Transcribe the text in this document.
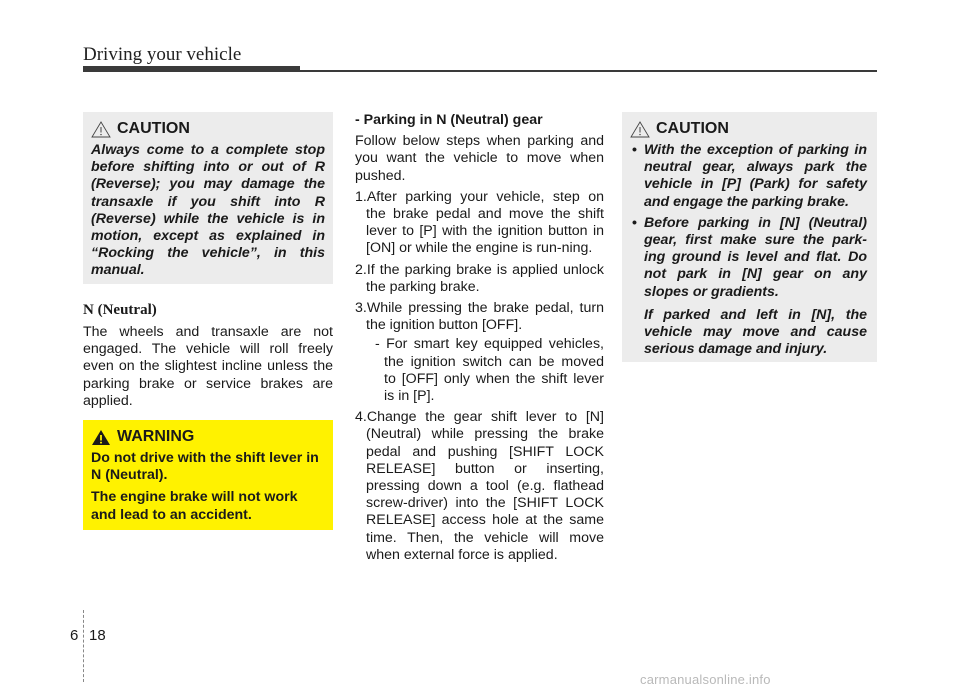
Driving your vehicle
CAUTION

Always come to a complete stop before shifting into or out of R (Reverse); you may damage the transaxle if you shift into R (Reverse) while the vehicle is in motion, except as explained in “Rocking the vehicle”, in this manual.

N (Neutral)

The wheels and transaxle are not engaged. The vehicle will roll freely even on the slightest incline unless the parking brake or service brakes are applied.

WARNING

Do not drive with the shift lever in N (Neutral).

The engine brake will not work and lead to an accident.

- Parking in N (Neutral) gear

Follow below steps when parking and you want the vehicle to move when pushed.

1.After parking your vehicle, step on the brake pedal and move the shift lever to [P] with the ignition button in [ON] or while the engine is run-ning.
2.If the parking brake is applied unlock the parking brake.
3.While pressing the brake pedal, turn the ignition button [OFF].
- For smart key equipped vehicles, the ignition switch can be moved to [OFF] only when the shift lever is in [P].
4.Change the gear shift lever to [N] (Neutral) while pressing the brake pedal and pushing [SHIFT LOCK RELEASE] button or inserting, pressing down a tool (e.g. flathead screw-driver) into the [SHIFT LOCK RELEASE] access hole at the same time. Then, the vehicle will move when external force is applied.
CAUTION
• With the exception of parking in neutral gear, always park the vehicle in [P] (Park) for safety and engage the parking brake.
• Before parking in [N] (Neutral) gear, first make sure the park-ing ground is level and flat. Do not park in [N] gear on any slopes or gradients.

If parked and left in [N], the vehicle may move and cause serious damage and injury.

6 18
carmanualsonline.info
